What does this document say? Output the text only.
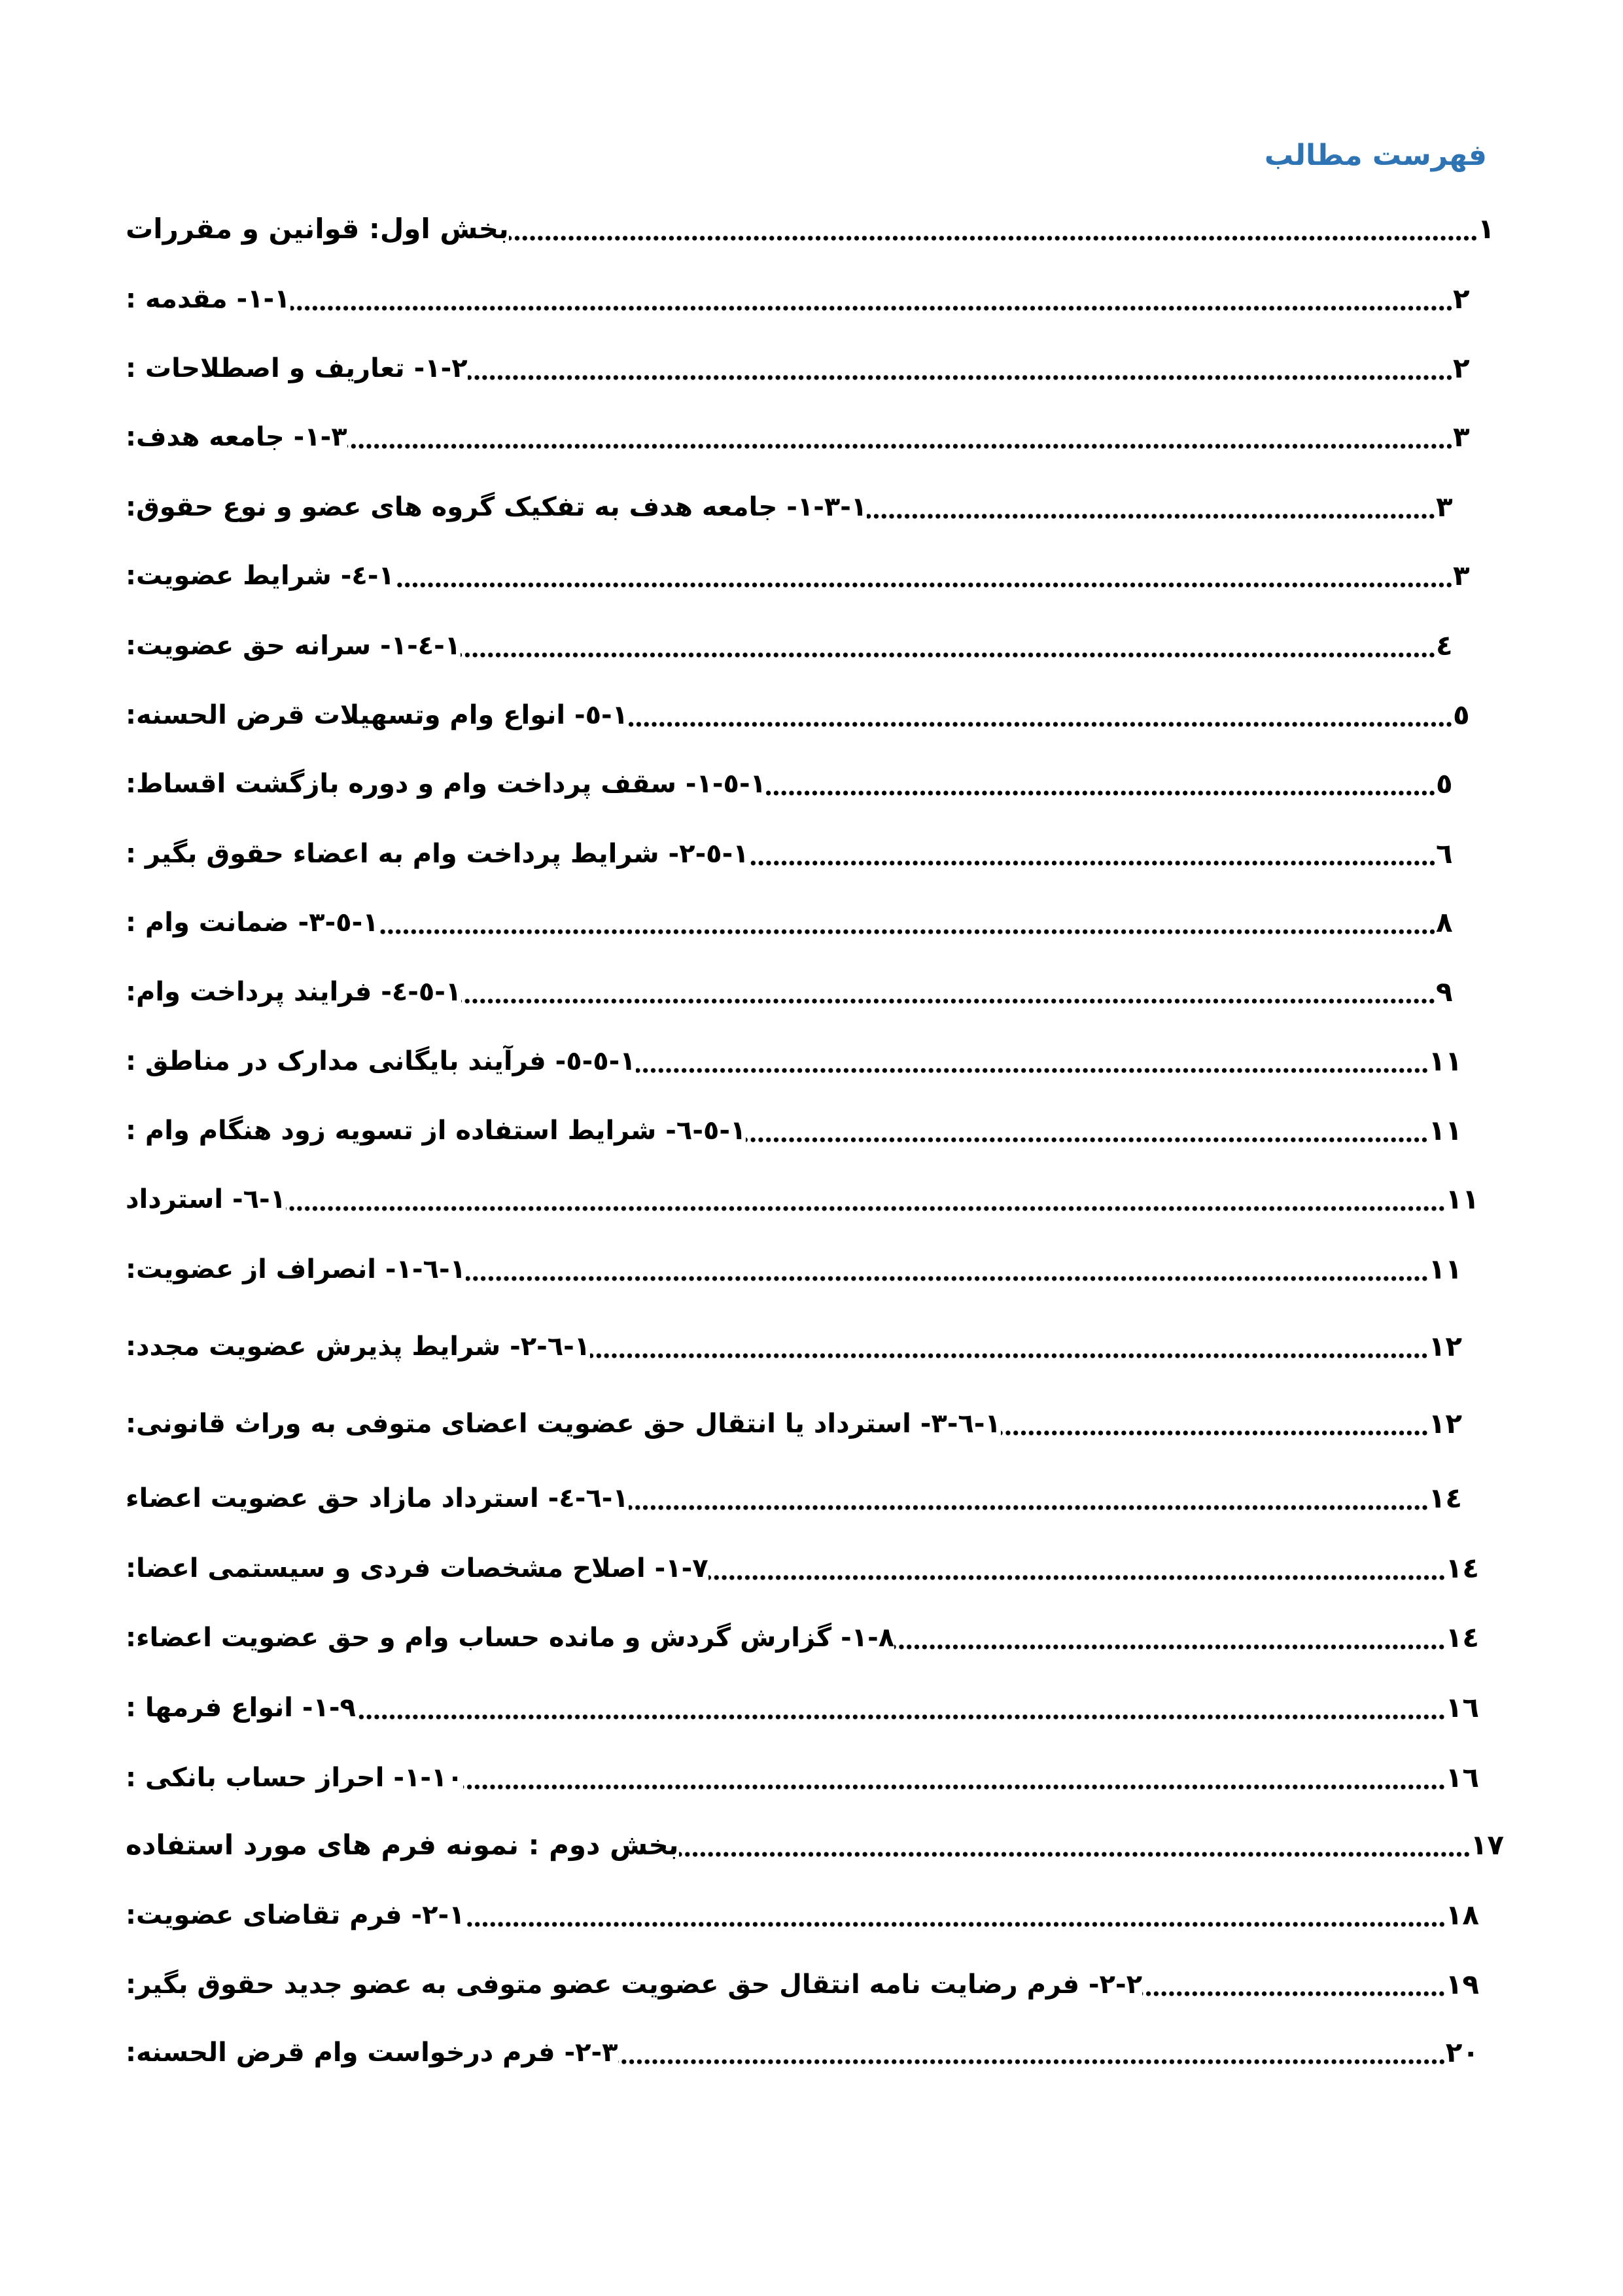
فهرست مطالب
بخش اول: قوانین و مقررات	۱
۱-۱- مقدمه :	۲
۱-۲- تعاریف و اصطلاحات :	۲
۱-۳- جامعه هدف:	۳
۱-۳-۱- جامعه هدف به تفکیک گروه های عضو و نوع حقوق:	۳
۱-٤- شرایط عضویت:	۳
۱-٤-۱- سرانه حق عضویت:	٤
۱-٥- انواع وام وتسهیلات قرض الحسنه:	٥
۱-٥-۱- سقف پرداخت وام و دوره بازگشت اقساط:	٥
۱-٥-۲- شرایط پرداخت وام به اعضاء حقوق بگیر :	٦
۱-٥-۳- ضمانت وام :	۸
۱-٥-٤- فرایند پرداخت وام:	۹
۱-٥-٥- فرآیند بایگانی مدارک در مناطق :	۱۱
۱-٥-٦- شرایط استفاده از تسویه زود هنگام وام :	۱۱
۱-٦- استرداد	۱۱
۱-٦-۱- انصراف از عضویت:	۱۱
۱-٦-۲- شرایط پذیرش عضویت مجدد:	۱۲
۱-٦-۳- استرداد یا انتقال حق عضویت اعضای متوفی به وراث قانونی:	۱۲
۱-٦-٤- استرداد مازاد حق عضویت اعضاء	۱٤
۱-۷- اصلاح مشخصات فردی و سیستمی اعضا:	۱٤
۱-۸- گزارش گردش و مانده حساب وام و حق عضویت اعضاء:	۱٤
۱-۹- انواع فرمها :	۱٦
۱-۱۰- احراز حساب بانکی :	۱٦
بخش دوم : نمونه فرم های مورد استفاده	۱۷
۲-۱- فرم تقاضای عضویت:	۱۸
۲-۲- فرم رضایت نامه انتقال حق عضویت عضو متوفی به عضو جدید حقوق بگیر:	۱۹
۲-۳- فرم درخواست وام قرض الحسنه:	۲۰
